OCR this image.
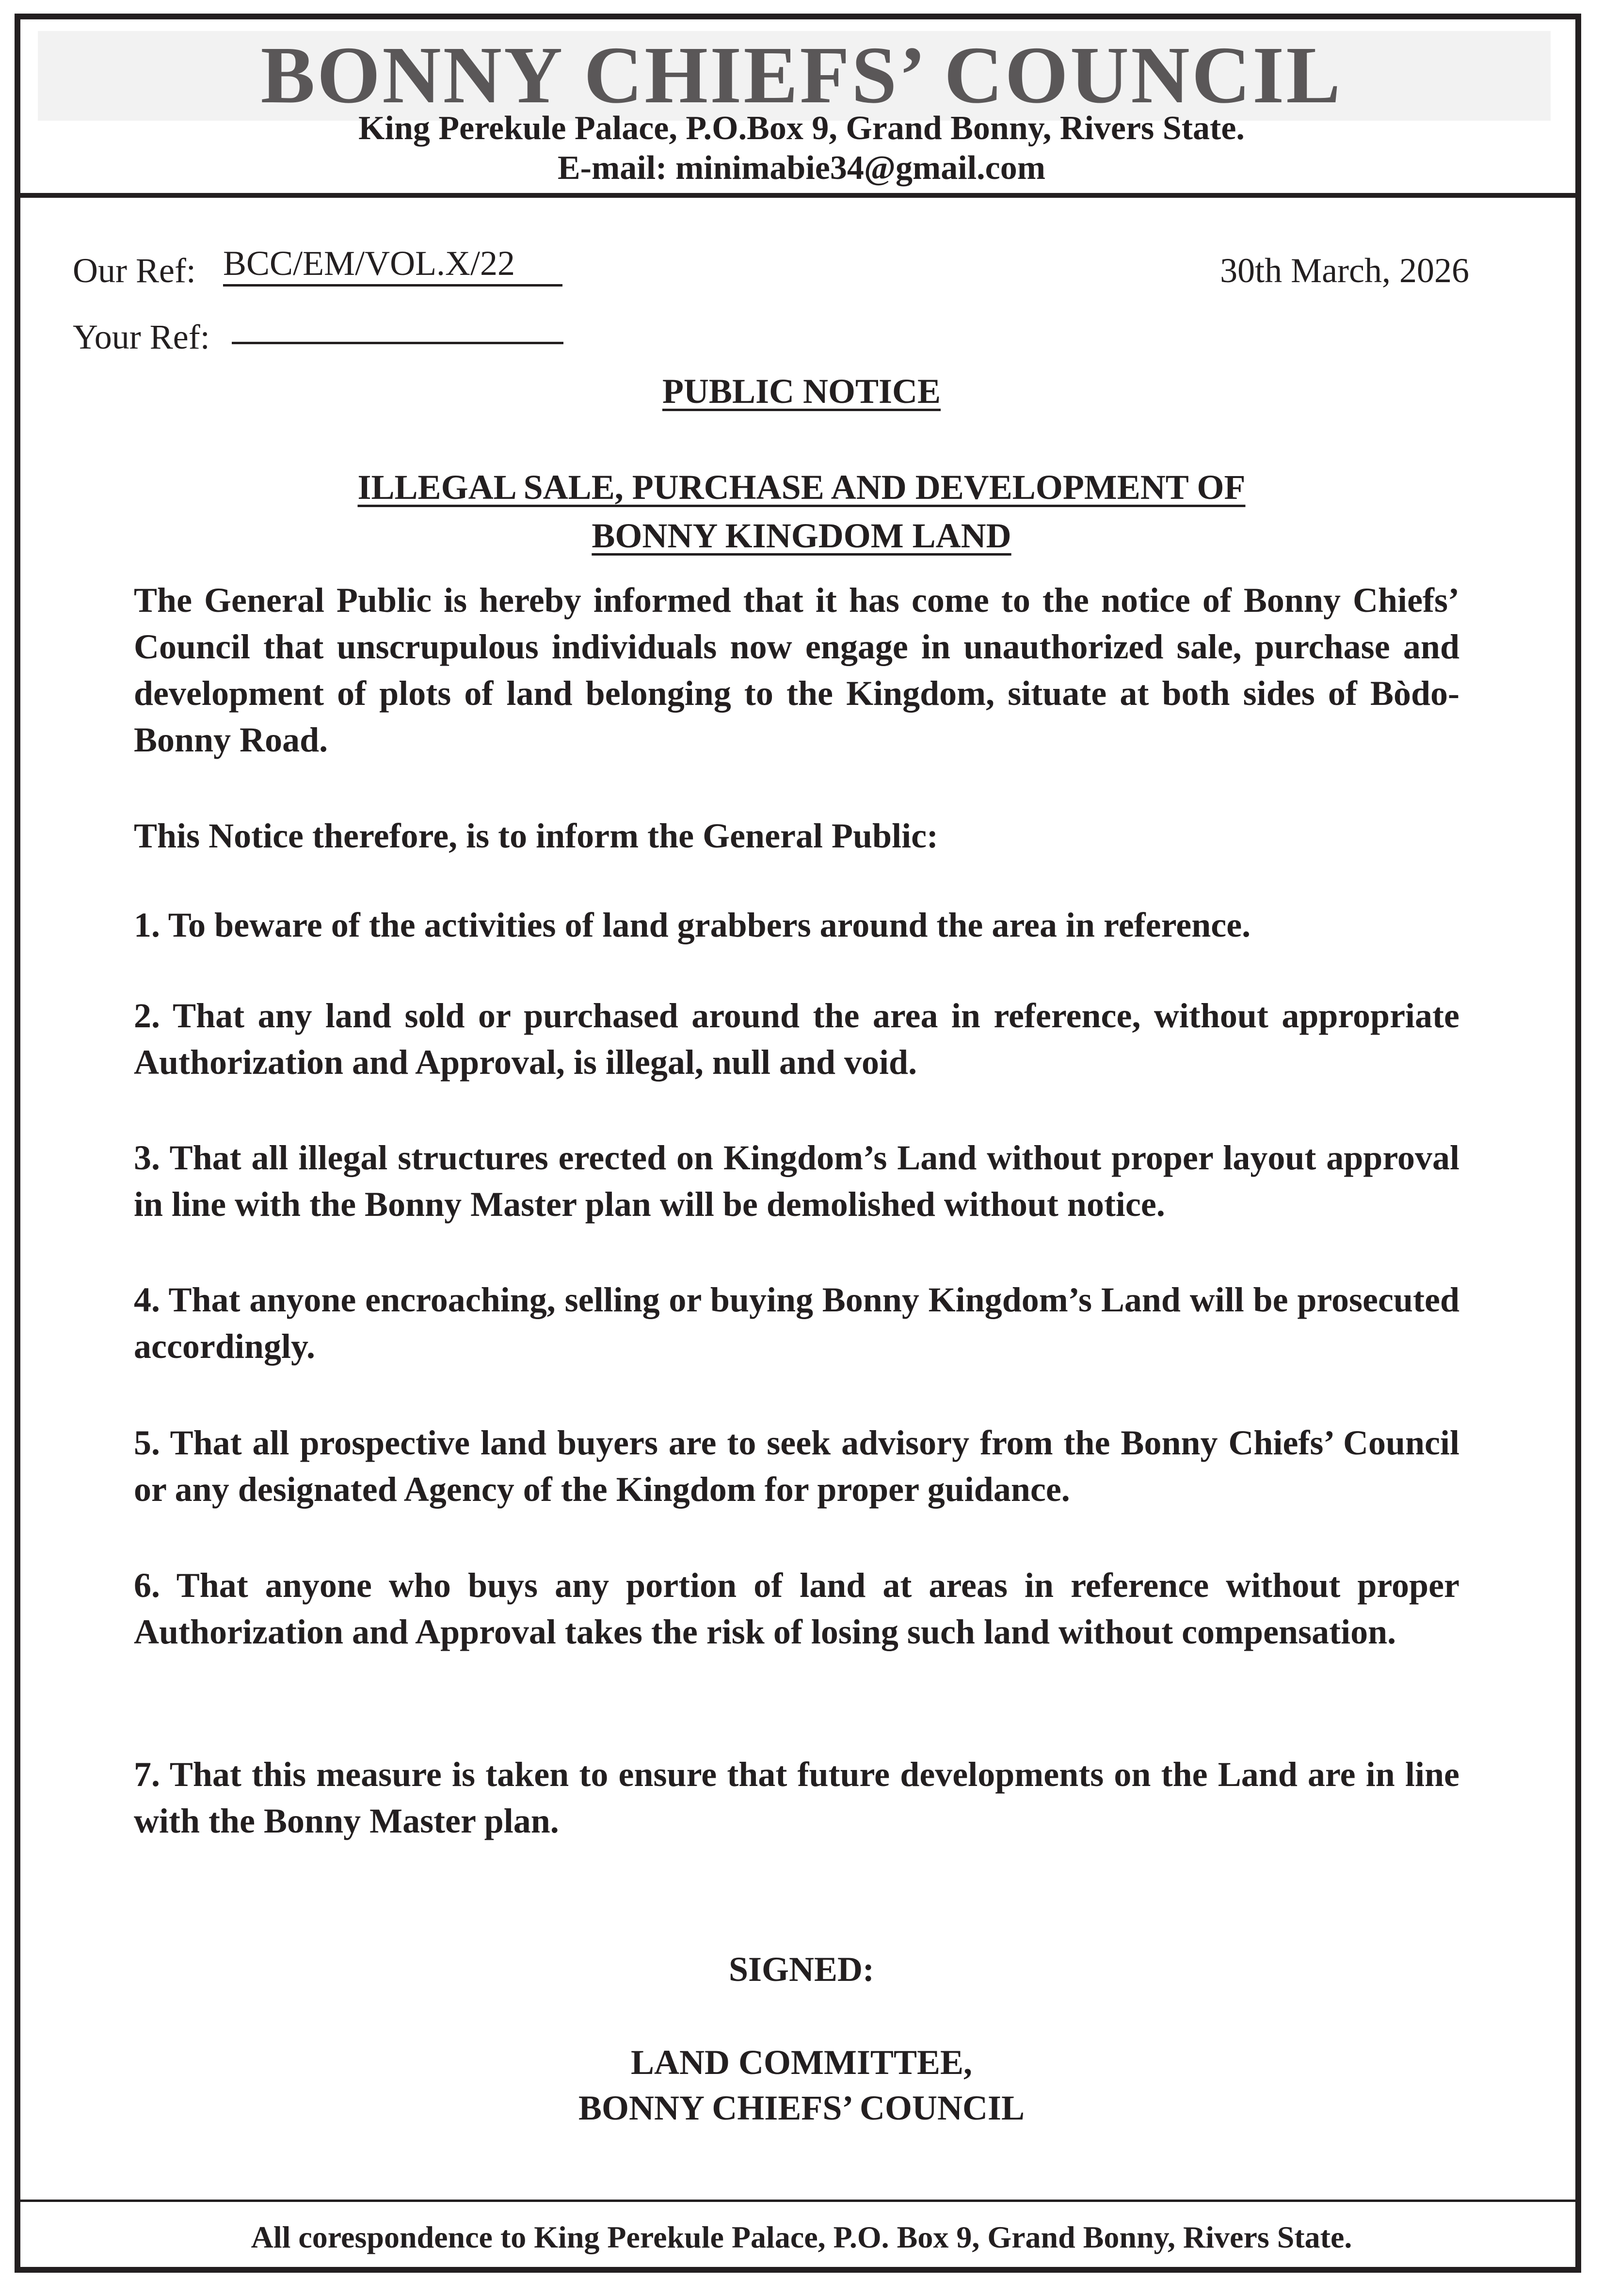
BONNY CHIEFS’ COUNCIL
King Perekule Palace, P.O.Box 9, Grand Bonny, Rivers State.
E-mail: minimabie34@gmail.com
Our Ref: BCC/EM/VOL.X/22
Your Ref:
30th March, 2026
PUBLIC NOTICE
ILLEGAL SALE, PURCHASE AND DEVELOPMENT OF
BONNY KINGDOM LAND
The General Public is hereby informed that it has come to the notice of Bonny Chiefs’ Council that unscrupulous individuals now engage in unauthorized sale, purchase and development of plots of land belonging to the Kingdom, situate at both sides of Bòdo-Bonny Road.
This Notice therefore, is to inform the General Public:
1. To beware of the activities of land grabbers around the area in reference.
2. That any land sold or purchased around the area in reference, without appropriate Authorization and Approval, is illegal, null and void.
3. That all illegal structures erected on Kingdom’s Land without proper layout approval in line with the Bonny Master plan will be demolished without notice.
4. That anyone encroaching, selling or buying Bonny Kingdom’s Land will be prosecuted accordingly.
5. That all prospective land buyers are to seek advisory from the Bonny Chiefs’ Council or any designated Agency of the Kingdom for proper guidance.
6. That anyone who buys any portion of land at areas in reference without proper Authorization and Approval takes the risk of losing such land without compensation.
7. That this measure is taken to ensure that future developments on the Land are in line with the Bonny Master plan.
SIGNED:
LAND COMMITTEE,
BONNY CHIEFS’ COUNCIL
All corespondence to King Perekule Palace, P.O. Box 9, Grand Bonny, Rivers State.
